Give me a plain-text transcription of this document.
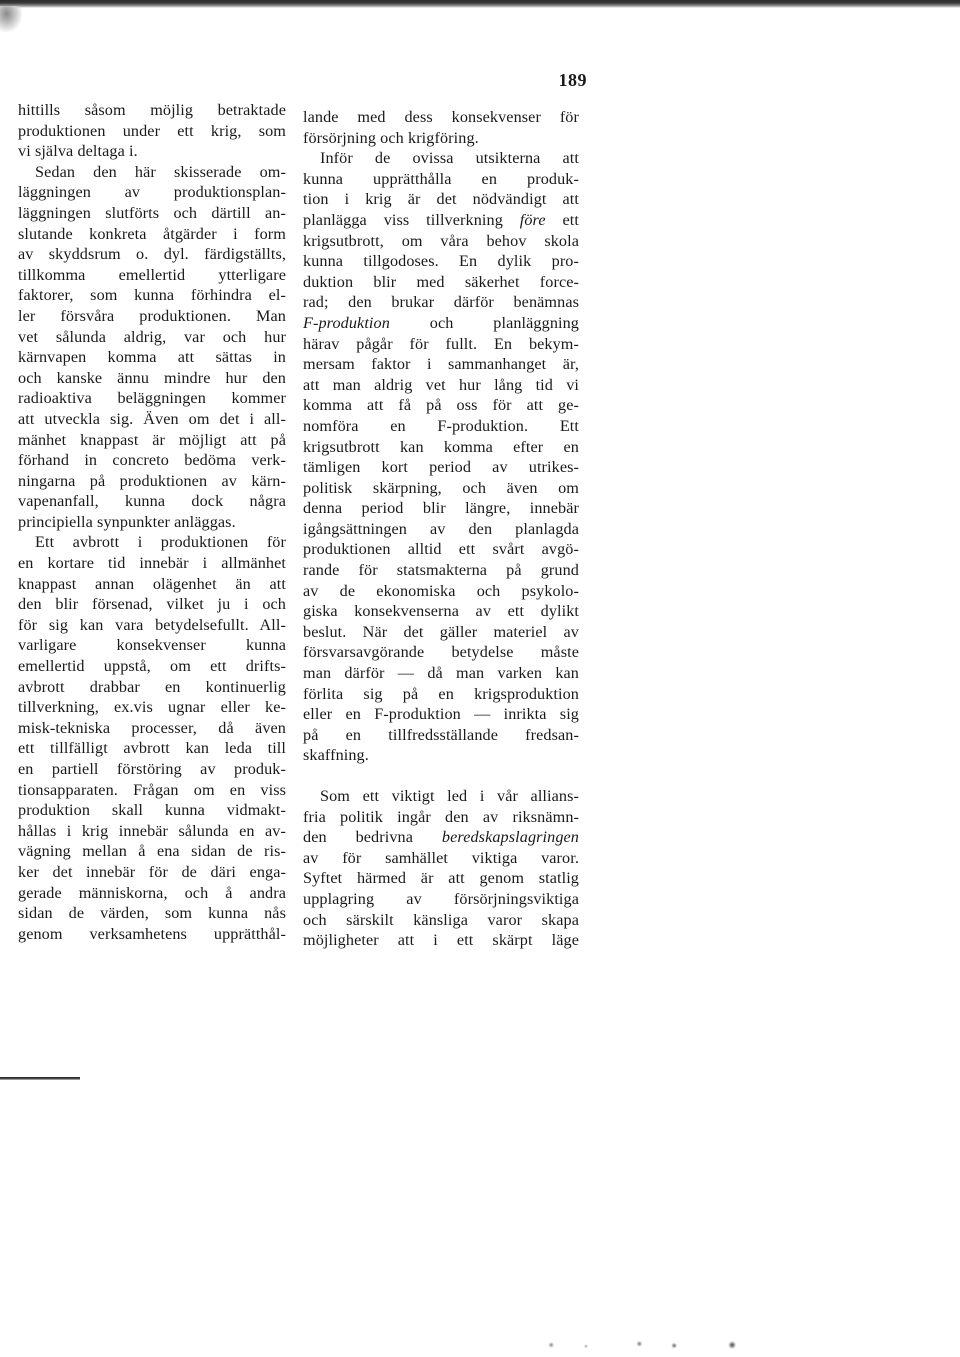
189
hittills såsom möjlig betraktade
produktionen under ett krig, som
vi själva deltaga i.
Sedan den här skisserade om-
läggningen av produktionsplan-
läggningen slutförts och därtill an-
slutande konkreta åtgärder i form
av skyddsrum o. dyl. färdigställts,
tillkomma emellertid ytterligare
faktorer, som kunna förhindra el-
ler försvåra produktionen. Man
vet sålunda aldrig, var och hur
kärnvapen komma att sättas in
och kanske ännu mindre hur den
radioaktiva beläggningen kommer
att utveckla sig. Även om det i all-
mänhet knappast är möjligt att på
förhand in concreto bedöma verk-
ningarna på produktionen av kärn-
vapenanfall, kunna dock några
principiella synpunkter anläggas.
Ett avbrott i produktionen för
en kortare tid innebär i allmänhet
knappast annan olägenhet än att
den blir försenad, vilket ju i och
för sig kan vara betydelsefullt. All-
varligare konsekvenser kunna
emellertid uppstå, om ett drifts-
avbrott drabbar en kontinuerlig
tillverkning, ex.vis ugnar eller ke-
misk-tekniska processer, då även
ett tillfälligt avbrott kan leda till
en partiell förstöring av produk-
tionsapparaten. Frågan om en viss
produktion skall kunna vidmakt-
hållas i krig innebär sålunda en av-
vägning mellan å ena sidan de ris-
ker det innebär för de däri enga-
gerade människorna, och å andra
sidan de värden, som kunna nås
genom verksamhetens upprätthål-
lande med dess konsekvenser för
försörjning och krigföring.
Inför de ovissa utsikterna att
kunna upprätthålla en produk-
tion i krig är det nödvändigt att
planlägga viss tillverkning före ett
krigsutbrott, om våra behov skola
kunna tillgodoses. En dylik pro-
duktion blir med säkerhet force-
rad; den brukar därför benämnas
F-produktion och planläggning
härav pågår för fullt. En bekym-
mersam faktor i sammanhanget är,
att man aldrig vet hur lång tid vi
komma att få på oss för att ge-
nomföra en F-produktion. Ett
krigsutbrott kan komma efter en
tämligen kort period av utrikes-
politisk skärpning, och även om
denna period blir längre, innebär
igångsättningen av den planlagda
produktionen alltid ett svårt avgö-
rande för statsmakterna på grund
av de ekonomiska och psykolo-
giska konsekvenserna av ett dylikt
beslut. När det gäller materiel av
försvarsavgörande betydelse måste
man därför — då man varken kan
förlita sig på en krigsproduktion
eller en F-produktion — inrikta sig
på en tillfredsställande fredsan-
skaffning.
Som ett viktigt led i vår allians-
fria politik ingår den av riksnämn-
den bedrivna beredskapslagringen
av för samhället viktiga varor.
Syftet härmed är att genom statlig
upplagring av försörjningsviktiga
och särskilt känsliga varor skapa
möjligheter att i ett skärpt läge
